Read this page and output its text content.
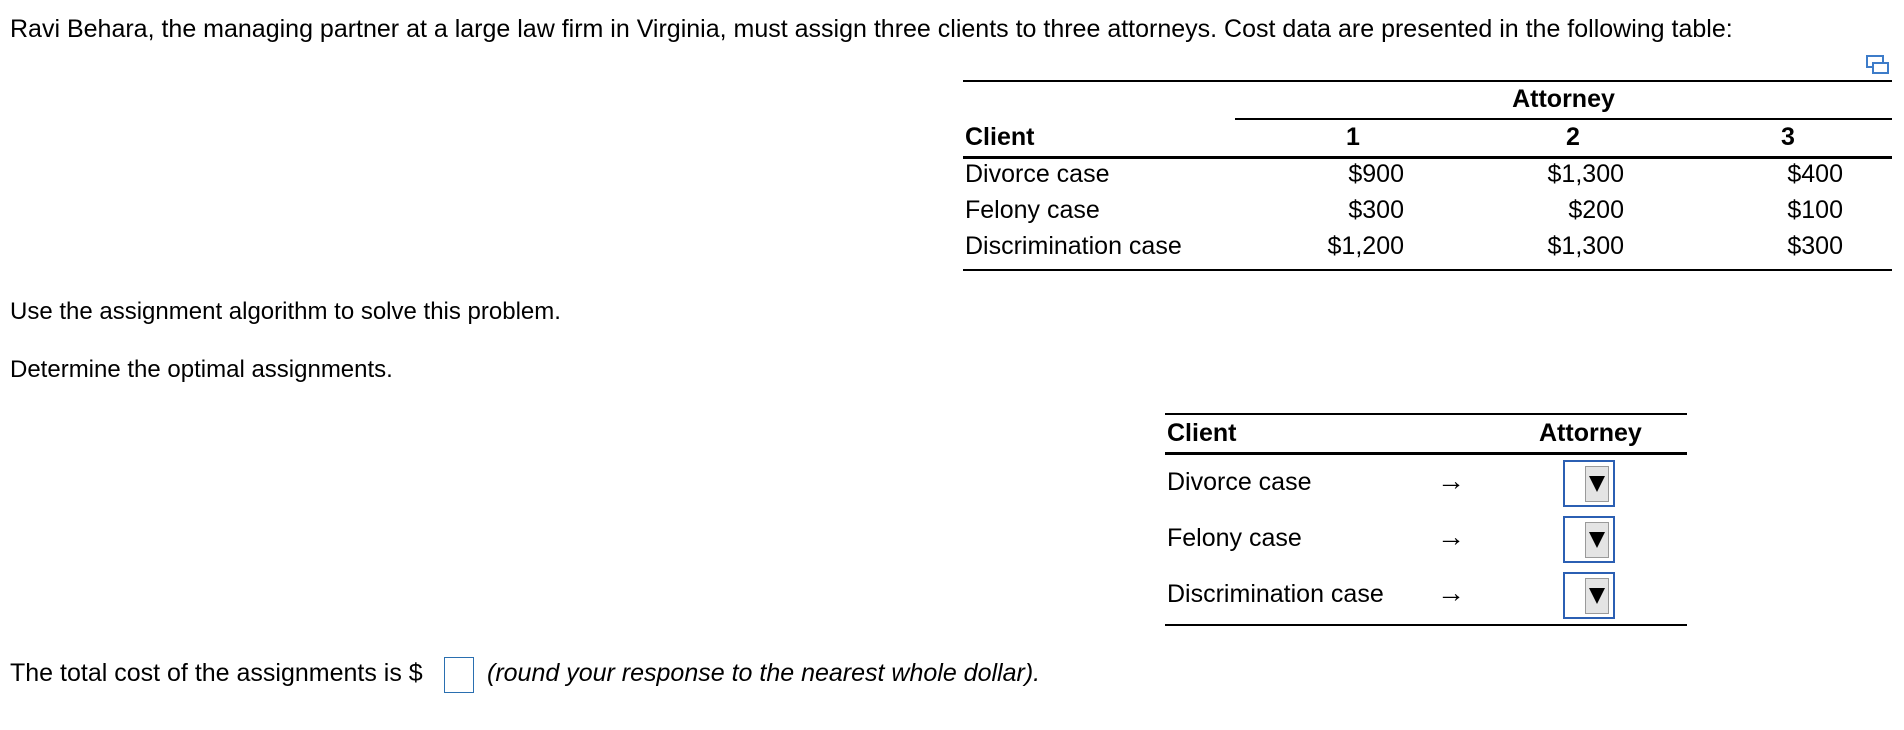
Ravi Behara, the managing partner at a large law firm in Virginia, must assign three clients to three attorneys. Cost data are presented in the following table:
Attorney
Client	1	2	3
Divorce case	$900	$1,300	$400
Felony case	$300	$200	$100
Discrimination case	$1,200	$1,300	$300
Use the assignment algorithm to solve this problem.
Determine the optimal assignments.
Client	Attorney
Divorce case	→
Felony case	→
Discrimination case →
The total cost of the assignments is $	(round your response to the nearest whole dollar).
